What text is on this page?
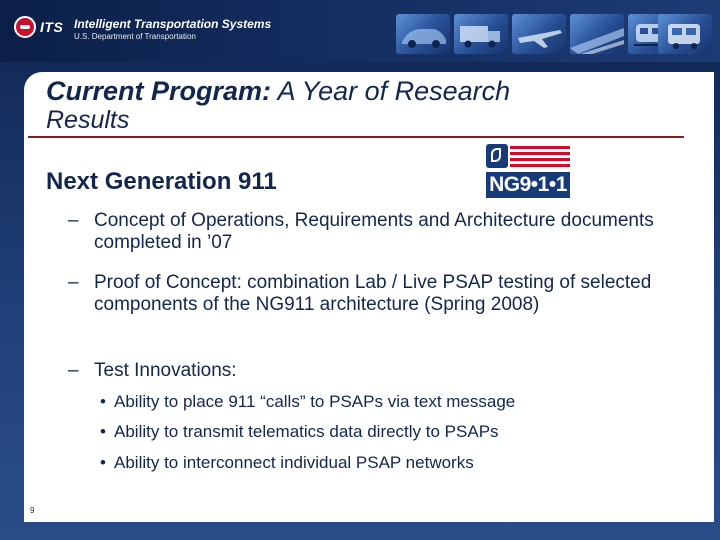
ITS Intelligent Transportation Systems
U.S. Department of Transportation
Current Program: A Year of Research
Results
Next Generation 911	NG9•1•1
– Concept of Operations, Requirements and Architecture documents completed in ’07
– Proof of Concept: combination Lab / Live PSAP testing of selected components of the NG911 architecture (Spring 2008)
– Test Innovations:
• Ability to place 911 “calls” to PSAPs via text message
• Ability to transmit telematics data directly to PSAPs
• Ability to interconnect individual PSAP networks
9
